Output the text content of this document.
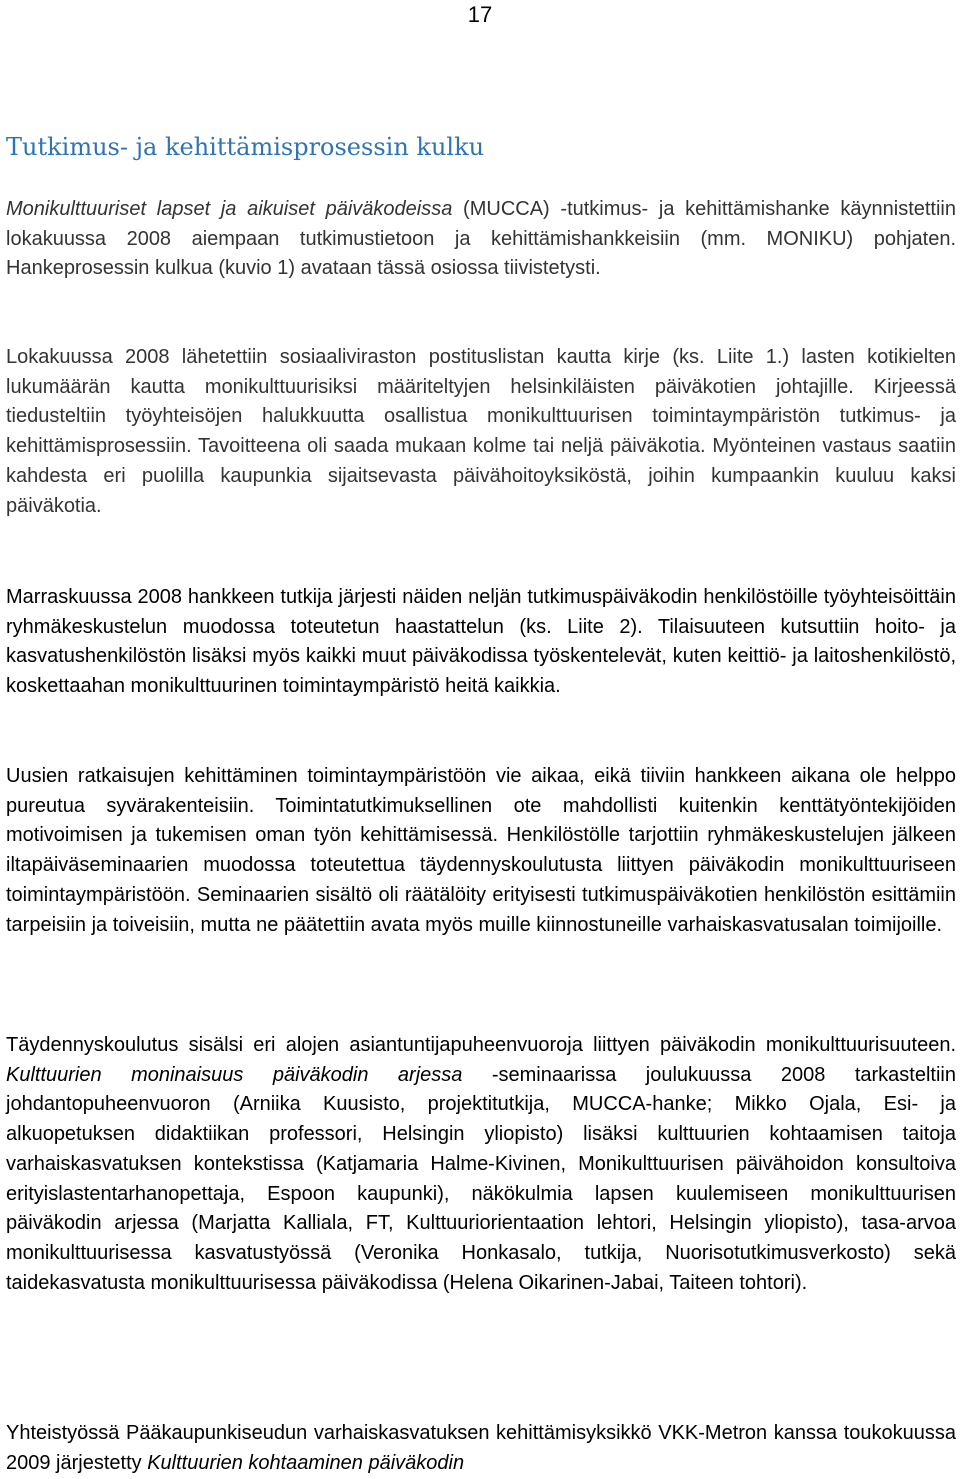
17
Tutkimus- ja kehittämisprosessin kulku

Monikulttuuriset lapset ja aikuiset päiväkodeissa (MUCCA) -tutkimus- ja kehittämishanke käynnistettiin lokakuussa 2008 aiempaan tutkimustietoon ja kehittämishankkeisiin (mm. MONIKU) pohjaten. Hankeprosessin kulkua (kuvio 1) avataan tässä osiossa tiivistetysti.

Lokakuussa 2008 lähetettiin sosiaaliviraston postituslistan kautta kirje (ks. Liite 1.) lasten kotikielten lukumäärän kautta monikulttuurisiksi määriteltyjen helsinkiläisten päiväkotien johtajille. Kirjeessä tiedusteltiin työyhteisöjen halukkuutta osallistua monikulttuurisen toimintaympäristön tutkimus- ja kehittämisprosessiin. Tavoitteena oli saada mukaan kolme tai neljä päiväkotia. Myönteinen vastaus saatiin kahdesta eri puolilla kaupunkia sijaitsevasta päivähoitoyksiköstä, joihin kumpaankin kuuluu kaksi päiväkotia.

Marraskuussa 2008 hankkeen tutkija järjesti näiden neljän tutkimuspäiväkodin henkilöstöille työyhteisöittäin ryhmäkeskustelun muodossa toteutetun haastattelun (ks. Liite 2). Tilaisuuteen kutsuttiin hoito- ja kasvatushenkilöstön lisäksi myös kaikki muut päiväkodissa työskentelevät, kuten keittiö- ja laitoshenkilöstö, koskettaahan monikulttuurinen toimintaympäristö heitä kaikkia.

Uusien ratkaisujen kehittäminen toimintaympäristöön vie aikaa, eikä tiiviin hankkeen aikana ole helppo pureutua syvärakenteisiin. Toimintatutkimuksellinen ote mahdollisti kuitenkin kenttätyöntekijöiden motivoimisen ja tukemisen oman työn kehittämisessä. Henkilöstölle tarjottiin ryhmäkeskustelujen jälkeen iltapäiväseminaarien muodossa toteutettua täydennyskoulutusta liittyen päiväkodin monikulttuuriseen toimintaympäristöön. Seminaarien sisältö oli räätälöity erityisesti tutkimuspäiväkotien henkilöstön esittämiin tarpeisiin ja toiveisiin, mutta ne päätettiin avata myös muille kiinnostuneille varhaiskasvatusalan toimijoille.

Täydennyskoulutus sisälsi eri alojen asiantuntijapuheenvuoroja liittyen päiväkodin monikulttuurisuuteen. Kulttuurien moninaisuus päiväkodin arjessa -seminaarissa joulukuussa 2008 tarkasteltiin johdantopuheenvuoron (Arniika Kuusisto, projektitutkija, MUCCA-hanke; Mikko Ojala, Esi- ja alkuopetuksen didaktiikan professori, Helsingin yliopisto) lisäksi kulttuurien kohtaamisen taitoja varhaiskasvatuksen kontekstissa (Katjamaria Halme-Kivinen, Monikulttuurisen päivähoidon konsultoiva erityislastentarhanopettaja, Espoon kaupunki), näkökulmia lapsen kuulemiseen monikulttuurisen päiväkodin arjessa (Marjatta Kalliala, FT, Kulttuuriorientaation lehtori, Helsingin yliopisto), tasa-arvoa monikulttuurisessa kasvatustyössä (Veronika Honkasalo, tutkija, Nuorisotutkimusverkosto) sekä taidekasvatusta monikulttuurisessa päiväkodissa (Helena Oikarinen-Jabai, Taiteen tohtori).

Yhteistyössä Pääkaupunkiseudun varhaiskasvatuksen kehittämisyksikkö VKK-Metron kanssa toukokuussa 2009 järjestetty Kulttuurien kohtaaminen päiväkodin
